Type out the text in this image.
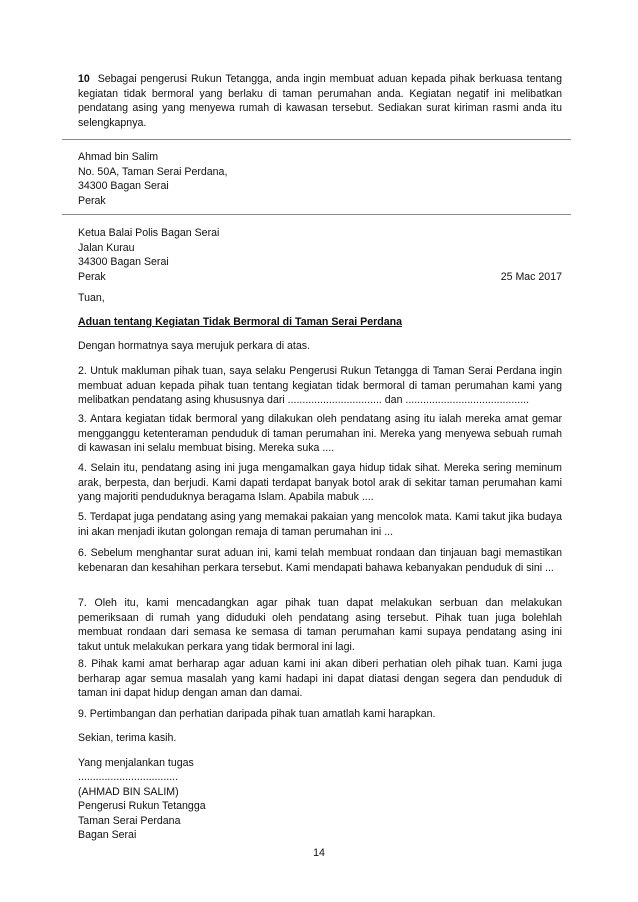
10 Sebagai pengerusi Rukun Tetangga, anda ingin membuat aduan kepada pihak berkuasa tentang kegiatan tidak bermoral yang berlaku di taman perumahan anda. Kegiatan negatif ini melibatkan pendatang asing yang menyewa rumah di kawasan tersebut. Sediakan surat kiriman rasmi anda itu selengkapnya.
Ahmad bin Salim
No. 50A, Taman Serai Perdana,
34300 Bagan Serai
Perak
Ketua Balai Polis Bagan Serai
Jalan Kurau
34300 Bagan Serai
Perak	25 Mac 2017

Tuan,

Aduan tentang Kegiatan Tidak Bermoral di Taman Serai Perdana

Dengan hormatnya saya merujuk perkara di atas.

2. Untuk makluman pihak tuan, saya selaku Pengerusi Rukun Tetangga di Taman Serai Perdana ingin membuat aduan kepada pihak tuan tentang kegiatan tidak bermoral di taman perumahan kami yang melibatkan pendatang asing khususnya dari ................................ dan ..........................................

3. Antara kegiatan tidak bermoral yang dilakukan oleh pendatang asing itu ialah mereka amat gemar mengganggu ketenteraman penduduk di taman perumahan ini. Mereka yang menyewa sebuah rumah di kawasan ini selalu membuat bising. Mereka suka ....

4. Selain itu, pendatang asing ini juga mengamalkan gaya hidup tidak sihat. Mereka sering meminum arak, berpesta, dan berjudi. Kami dapati terdapat banyak botol arak di sekitar taman perumahan kami yang majoriti penduduknya beragama Islam. Apabila mabuk ....

5. Terdapat juga pendatang asing yang memakai pakaian yang mencolok mata. Kami takut jika budaya ini akan menjadi ikutan golongan remaja di taman perumahan ini ...

6. Sebelum menghantar surat aduan ini, kami telah membuat rondaan dan tinjauan bagi memastikan kebenaran dan kesahihan perkara tersebut. Kami mendapati bahawa kebanyakan penduduk di sini ...

7. Oleh itu, kami mencadangkan agar pihak tuan dapat melakukan serbuan dan melakukan pemeriksaan di rumah yang diduduki oleh pendatang asing tersebut. Pihak tuan juga bolehlah membuat rondaan dari semasa ke semasa di taman perumahan kami supaya pendatang asing ini takut untuk melakukan perkara yang tidak bermoral ini lagi.

8. Pihak kami amat berharap agar aduan kami ini akan diberi perhatian oleh pihak tuan. Kami juga berharap agar semua masalah yang kami hadapi ini dapat diatasi dengan segera dan penduduk di taman ini dapat hidup dengan aman dan damai.

9. Pertimbangan dan perhatian daripada pihak tuan amatlah kami harapkan.

Sekian, terima kasih.

Yang menjalankan tugas

..................................
(AHMAD BIN SALIM)
Pengerusi Rukun Tetangga
Taman Serai Perdana
Bagan Serai
14
